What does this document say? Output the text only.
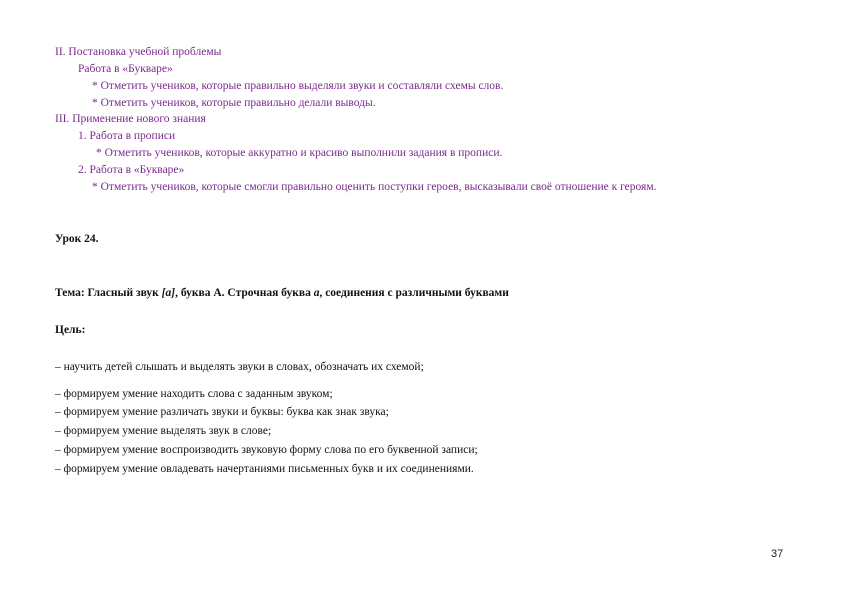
II. Постановка учебной проблемы
Работа в «Букваре»
* Отметить учеников, которые правильно выделяли звуки и составляли схемы слов.
* Отметить учеников, которые правильно делали выводы.
III. Применение нового знания
1. Работа в прописи
* Отметить учеников, которые аккуратно и красиво выполнили задания в прописи.
2. Работа в «Букваре»
* Отметить учеников, которые смогли правильно оценить поступки героев, высказывали своё отношение к героям.
Урок 24.
Тема: Гласный звук [а], буква А. Строчная буква а, соединения с различными буквами
Цель:
– научить детей слышать и выделять звуки в словах, обозначать их схемой;
– формируем умение находить слова с заданным звуком;
– формируем умение различать звуки и буквы: буква как знак звука;
– формируем умение выделять звук в слове;
– формируем умение воспроизводить звуковую форму слова по его буквенной записи;
– формируем умение овладевать начертаниями письменных букв и их соединениями.
37
